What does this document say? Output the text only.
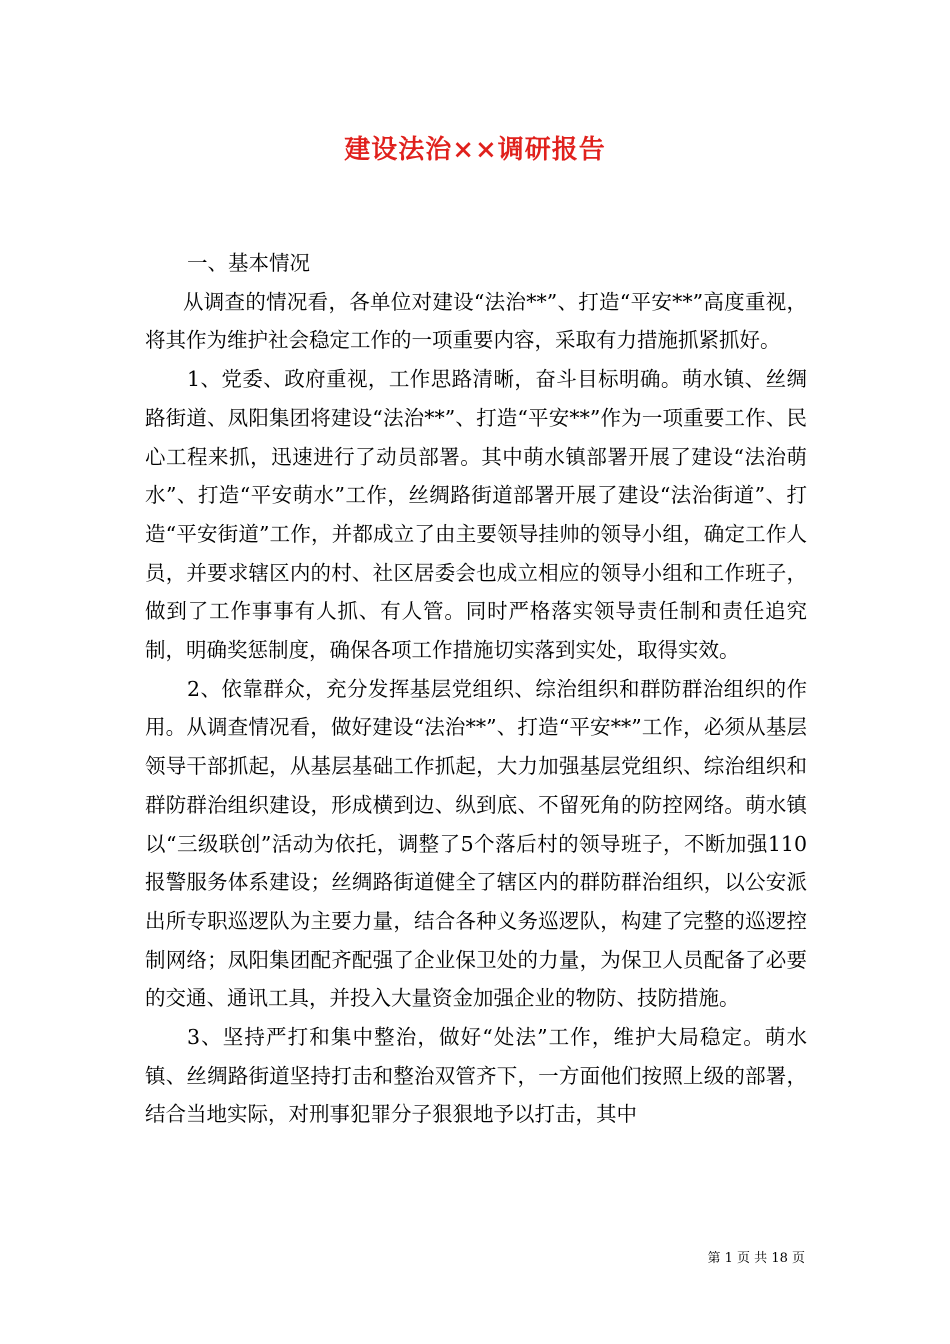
建设法治××调研报告

一、基本情况

从调查的情况看，各单位对建设“法治**”、打造“平安**”高度重视，将其作为维护社会稳定工作的一项重要内容，采取有力措施抓紧抓好。

1、党委、政府重视，工作思路清晰，奋斗目标明确。萌水镇、丝绸路街道、凤阳集团将建设“法治**”、打造“平安**”作为一项重要工作、民心工程来抓，迅速进行了动员部署。其中萌水镇部署开展了建设“法治萌水”、打造“平安萌水”工作，丝绸路街道部署开展了建设“法治街道”、打造“平安街道”工作，并都成立了由主要领导挂帅的领导小组，确定工作人员，并要求辖区内的村、社区居委会也成立相应的领导小组和工作班子，做到了工作事事有人抓、有人管。同时严格落实领导责任制和责任追究制，明确奖惩制度，确保各项工作措施切实落到实处，取得实效。

2、依靠群众，充分发挥基层党组织、综治组织和群防群治组织的作用。从调查情况看，做好建设“法治**”、打造“平安**”工作，必须从基层领导干部抓起，从基层基础工作抓起，大力加强基层党组织、综治组织和群防群治组织建设，形成横到边、纵到底、不留死角的防控网络。萌水镇以“三级联创”活动为依托，调整了5个落后村的领导班子，不断加强110报警服务体系建设；丝绸路街道健全了辖区内的群防群治组织，以公安派出所专职巡逻队为主要力量，结合各种义务巡逻队，构建了完整的巡逻控制网络；凤阳集团配齐配强了企业保卫处的力量，为保卫人员配备了必要的交通、通讯工具，并投入大量资金加强企业的物防、技防措施。

3、坚持严打和集中整治，做好“处法”工作，维护大局稳定。萌水镇、丝绸路街道坚持打击和整治双管齐下，一方面他们按照上级的部署，结合当地实际，对刑事犯罪分子狠狠地予以打击，其中

第 1 页 共 18 页
